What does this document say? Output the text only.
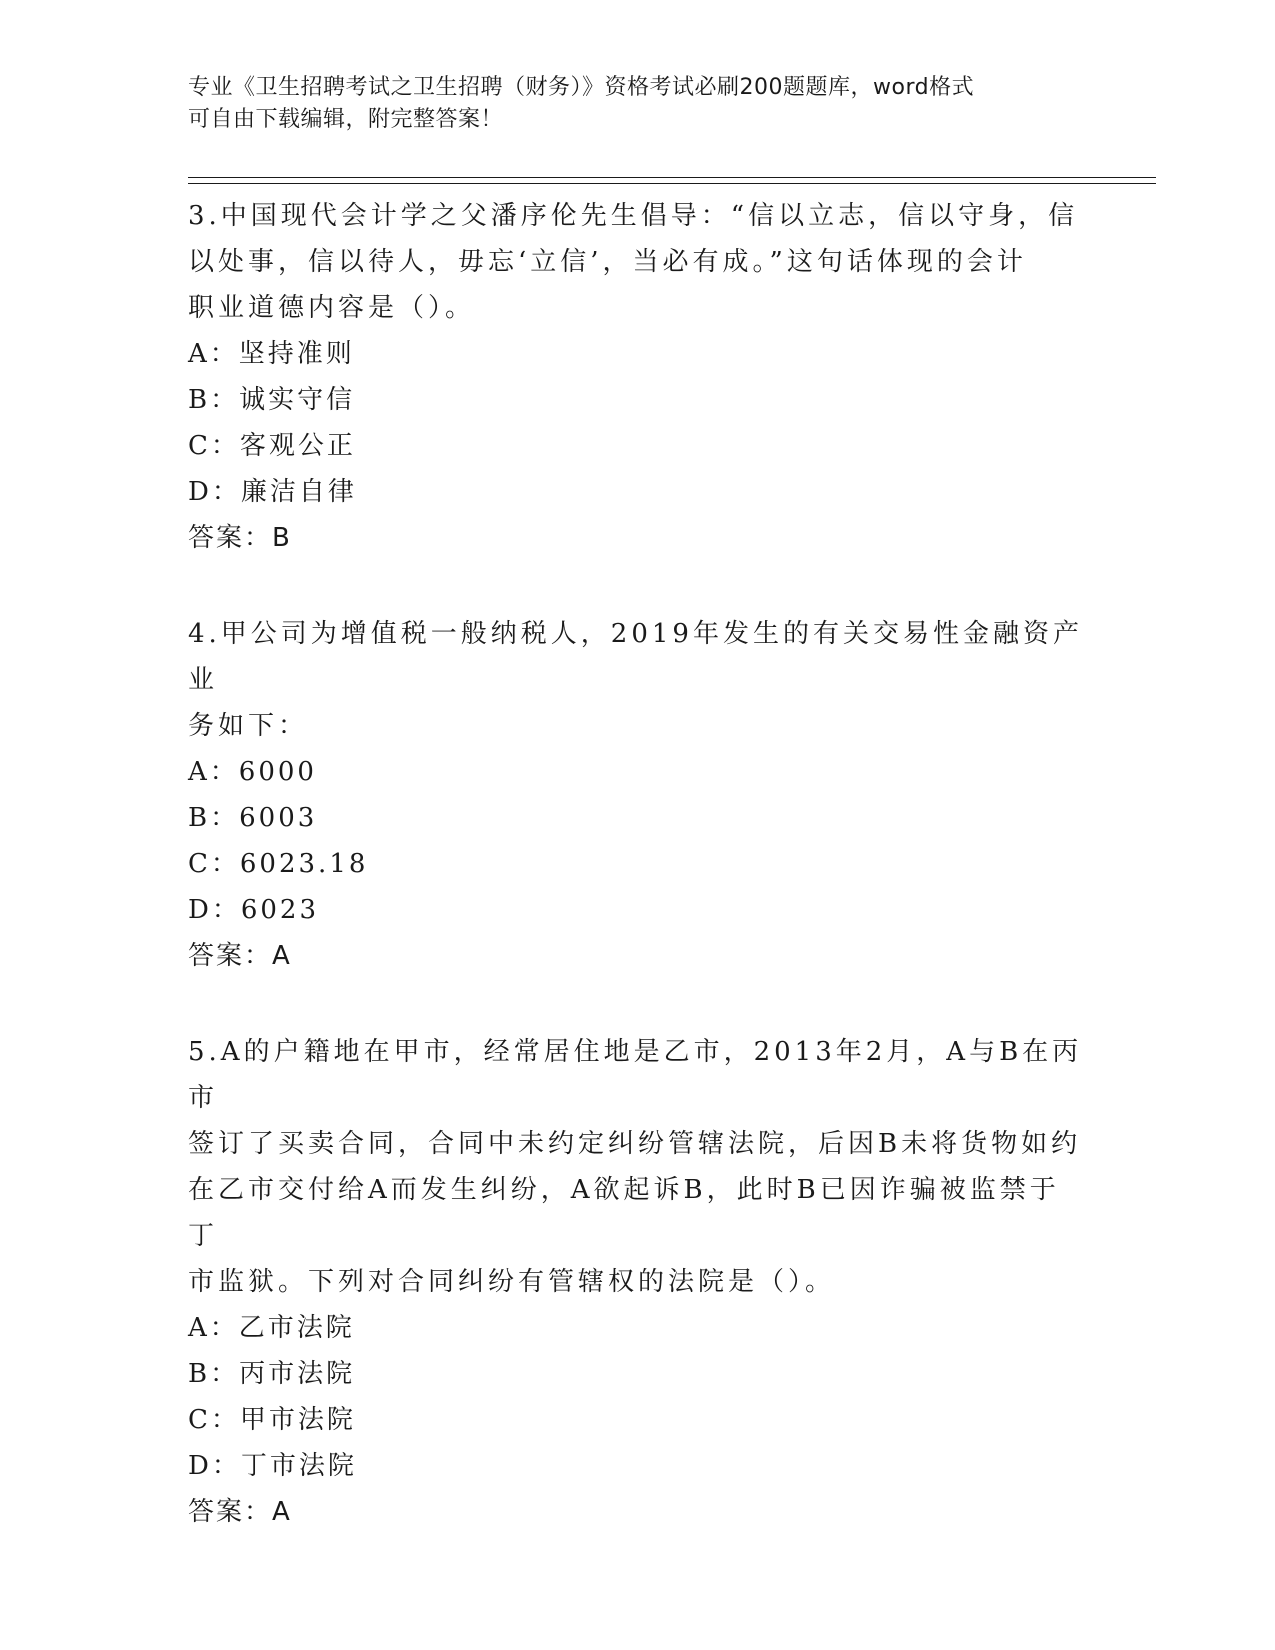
专业《卫生招聘考试之卫生招聘（财务）》资格考试必刷200题题库，word格式
可自由下载编辑，附完整答案！

3.中国现代会计学之父潘序伦先生倡导：“信以立志，信以守身，信

以处事，信以待人，毋忘‘立信’，当必有成。”这句话体现的会计

职业道德内容是（）。

A：坚持准则

B：诚实守信

C：客观公正

D：廉洁自律

答案：B

4.甲公司为增值税一般纳税人，2019年发生的有关交易性金融资产业

务如下：

A：6000

B：6003

C：6023.18

D：6023

答案：A

5.A的户籍地在甲市，经常居住地是乙市，2013年2月，A与B在丙市

签订了买卖合同，合同中未约定纠纷管辖法院，后因B未将货物如约

在乙市交付给A而发生纠纷，A欲起诉B，此时B已因诈骗被监禁于丁

市监狱。下列对合同纠纷有管辖权的法院是（）。

A：乙市法院

B：丙市法院

C：甲市法院

D：丁市法院

答案：A
